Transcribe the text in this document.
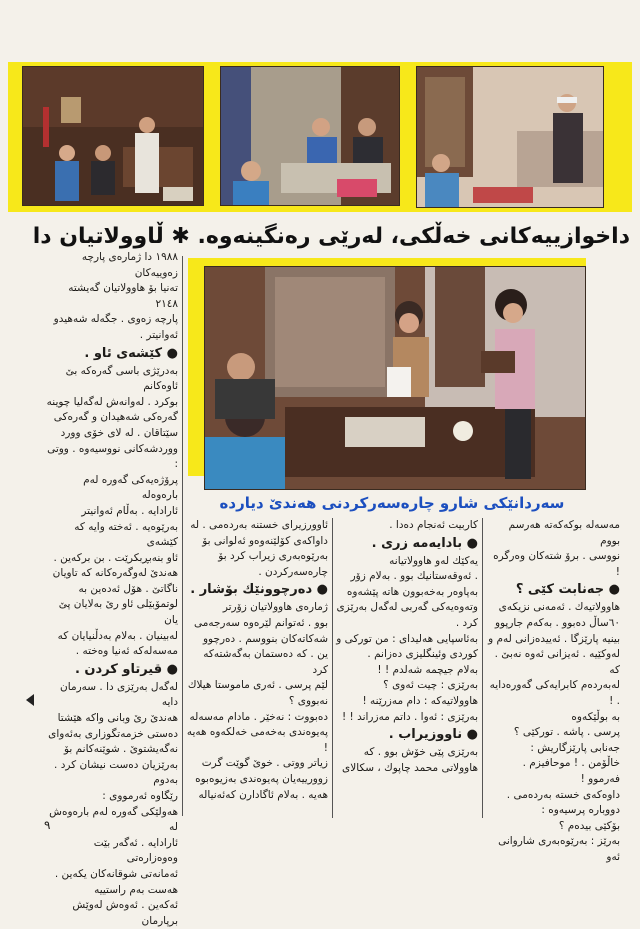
داخوازییەكانی خەڵكی، لەرێی رەنگینەوە. ✱ ڵاوولاتیان دا
سەردانێكی شارو چارەسەركردنی هەندێ دیاردە

مەسەلە بوكەكەتە هەرسم بووم

نووسی . برۆ شتەكان وەرگرە !

● جەنابت كێی ؟

هاوولاتیەك . ئەمەنی نزیكەی

٦٠ساڵ دەبوو . بەكەم جارپوو

بینیە پارێزگا . ئەییدەزانی لەم و

لەوكێیە . ئەیزانی ئەوە نەبێ . كە

لەبەردەم كابرایەكی گەورەدایە . !

بە بوڵێكەوە

پرسی . پاشە . توركێی ؟

جەنابی پارێزگاریش :

خاڵۆمن . ! موحافیزم . فەرموو !

داوەكەی خستە بەردەمی .

دووبارە پرسیەوە :

بۆكێی بیدەم ؟

بەرێز : بەرێوەبەری شاروانی ئەو

كاربیت ئەنجام دەدا .

● بادایەمە زری .

یەكێك لەو هاوولاتیانە

. ئەوقەستانیك بوو . بەلام زۆر

بەپاوەر بەخەبوون هاتە پێشەوە

وتەوەیەكی گەربی لەگەل بەرێزی

كرد .

بەئاسپایی هەلیدای : من تورکی و

كوردی وئینگلیزی دەزانم .

بەلام جیچمە شەلدم ! !

بەرێزی : چیت ئەوی ؟

هاوولاتیەكە : دام مەزرێنە !

بەرێزی : ئەوا . داتم مەزراند ! !

● ناووزیراب .

بەرێزی پێی خۆش بوو . كە

هاوولاتی محمد چاپوك ، سكالای

ئاوورزیرای خستنە بەردەمی . لە

داواكەی كۆلێنەوەو ئەلوانی بۆ

بەرێوەبەری زیراب كرد بۆ

چارەسەركردن .

● دەرچوونێك بۆشار .

ژمارەی هاوولاتیان زۆرتر

بوو . ئەتوانم لێرەوە سەرجەمی

شەكاتەكان بنووسم . دەرچوو

ین . كە دەستمان بەگەشتەكە كرد

لێم پرسی . ئەری ماموستا هیلاك

نەبووی ؟

دەبووت : نەخێر . مادام مەسەلە

پەیوەندی بەخەمی خەلكەوە هەیە !

زیاتر ووتی . خوێ گوێت گرت

زوورییەیان پەیوەندی بەزیوەبوە

هەیە . بەلام ئاگادارن كەئەنیالە

١٩٨٨ دا ژمارەی پارچە زەوییەكان

تەنیا بۆ هاوولاتیان گەیشتە ٢١٤٨

پارچە زەوی . جگەلە شەهیدو

ئەوانیتر .

● كێشەی ئاو .

بەدرێژی باسی گەرەكە بێ ئاوەكانم

بوكرد . لەوانەش لەگەلیا چوینە

گەرەكی شەهیدان و گەرەكی

سێتاقان . لە لای خۆی وورد

ووردشەكانی نووسیەوە . ووتی :

پرۆژەیەكی گەورە لەم بارەوەلە

ئارادایە . بەڵام ئەوانیتر

بەرێوەیە . ئەختە وایە كە كێشەی

ئاو بنەبڕبكرێت . بن بركەین .

هەندێ لەوگەرەكانە كە تاویان

ناگاتێ . هۆل ئەدەین بە

لوتمۆبێلی ئاو رێ بەلایان پێ یان

لەبینیان . بەلام بەدڵنیایان كە

مەسەلەكە ئەنیا وەخته .

● قیرتاو كردن .

لەگەل بەرێزی دا . سەرمان دایە

هەندێ رێ وبانی واكە هێشتا

دەستی خزمەتگوزاری بەئەوای

نەگەیشتوێ . شوێنەكانم بۆ

بەرێزیان دەست نیشان كرد . بەدوم

رێگاوە ئەرمووی :

هەولێكی گەورە لەم بارەوەش لە

ئارادایە . ئەگەر بێت وەوەزارەتی

ئەمانەتی شوقانەكان یكەین .

هەست بەم راستییە

ئەكەین . ئەوەش لەوێش برپارمان

٩
